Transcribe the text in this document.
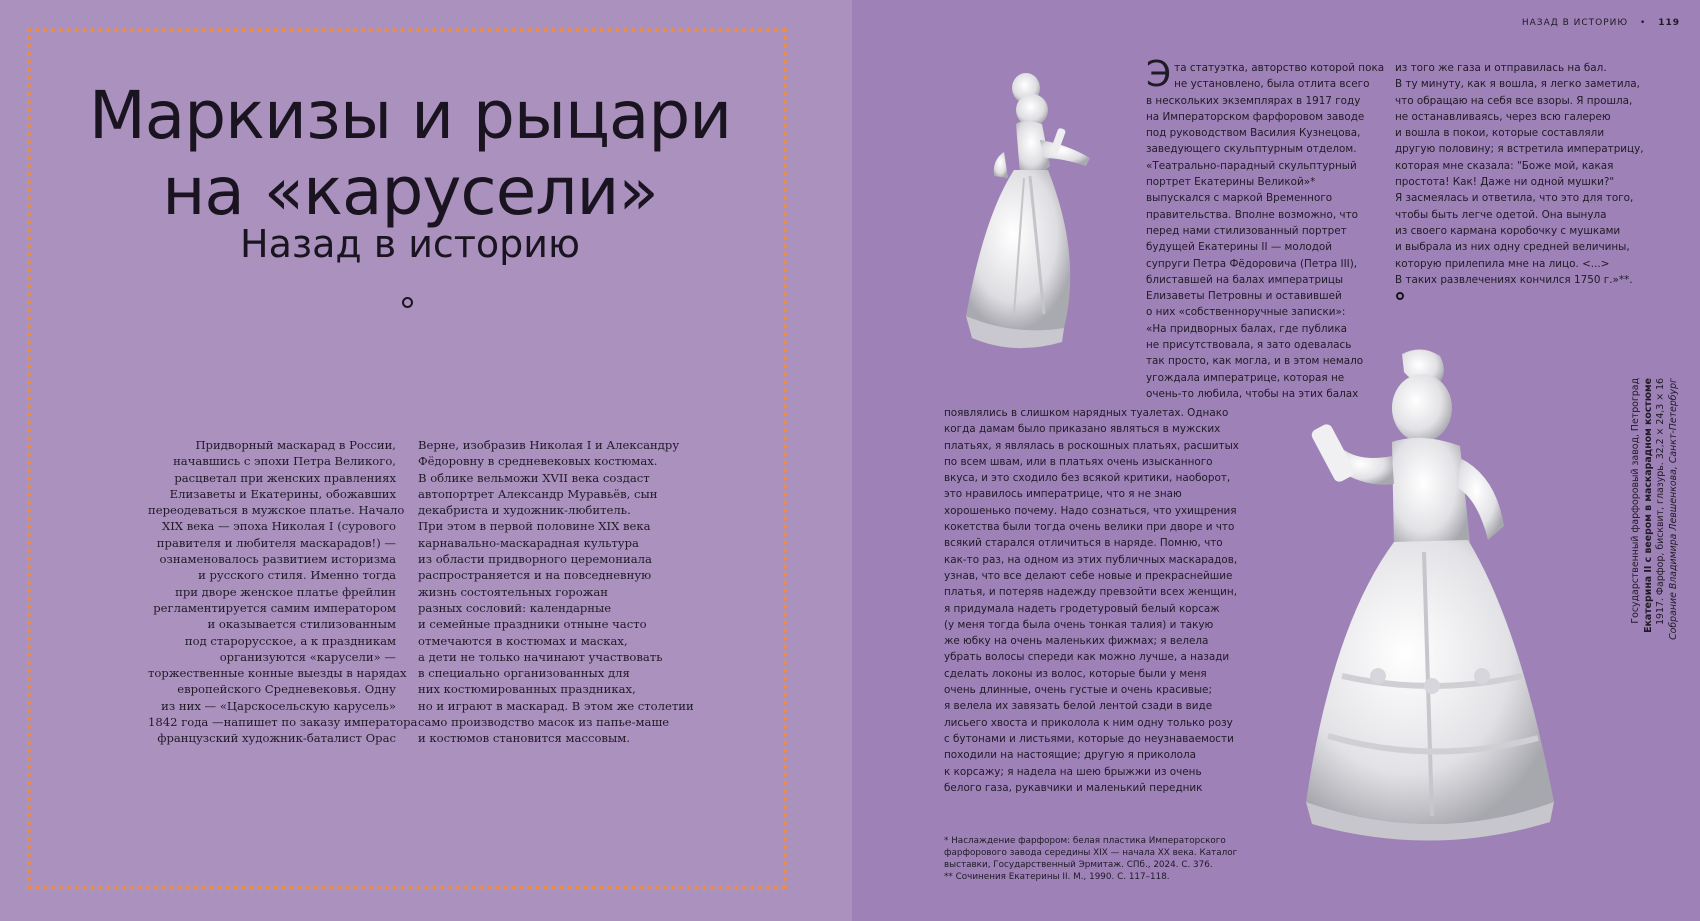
Маркизы и рыцари
на «карусели»
Назад в историю
Придворный маскарад в России,
начавшись с эпохи Петра Великого,
расцветал при женских правлениях
Елизаветы и Екатерины, обожавших
переодеваться в мужское платье. Начало
XIX века — эпоха Николая I (сурового
правителя и любителя маскарадов!) —
ознаменовалось развитием историзма
и русского стиля. Именно тогда
при дворе женское платье фрейлин
регламентируется самим императором
и оказывается стилизованным
под старорусское, а к праздникам
организуются «карусели» —
торжественные конные выезды в нарядах
европейского Средневековья. Одну
из них — «Царскосельскую карусель»
1842 года —напишет по заказу императора
французский художник-баталист Орас
Верне, изобразив Николая I и Александру
Фёдоровну в средневековых костюмах.
В облике вельможи XVII века создаст
автопортрет Александр Муравьёв, сын
декабриста и художник-любитель.
При этом в первой половине XIX века
карнавально-маскарадная культура
из области придворного церемониала
распространяется и на повседневную
жизнь состоятельных горожан
разных сословий: календарные
и семейные праздники отныне часто
отмечаются в костюмах и масках,
а дети не только начинают участвовать
в специально организованных для
них костюмированных праздниках,
но и играют в маскарад. В этом же столетии
само производство масок из папье-маше
и костюмов становится массовым.
НАЗАД В ИСТОРИЮ • 119
Э та статуэтка, авторство которой пока
не установлено, была отлита всего
в нескольких экземплярах в 1917 году
на Императорском фарфоровом заводе
под руководством Василия Кузнецова,
заведующего скульптурным отделом.
«Театрально-парадный скульптурный
портрет Екатерины Великой»*
выпускался с маркой Временного
правительства. Вполне возможно, что
перед нами стилизованный портрет
будущей Екатерины II — молодой
супруги Петра Фёдоровича (Петра III),
блиставшей на балах императрицы
Елизаветы Петровны и оставившей
о них «собственноручные записки»:
«На придворных балах, где публика
не присутствовала, я зато одевалась
так просто, как могла, и в этом немало
угождала императрице, которая не
очень-то любила, чтобы на этих балах
появлялись в слишком нарядных туалетах. Однако
когда дамам было приказано являться в мужских
платьях, я являлась в роскошных платьях, расшитых
по всем швам, или в платьях очень изысканного
вкуса, и это сходило без всякой критики, наоборот,
это нравилось императрице, что я не знаю
хорошенько почему. Надо сознаться, что ухищрения
кокетства были тогда очень велики при дворе и что
всякий старался отличиться в наряде. Помню, что
как-то раз, на одном из этих публичных маскарадов,
узнав, что все делают себе новые и прекраснейшие
платья, и потеряв надежду превзойти всех женщин,
я придумала надеть гродетуровый белый корсаж
(у меня тогда была очень тонкая талия) и такую
же юбку на очень маленьких фижмах; я велела
убрать волосы спереди как можно лучше, а назади
сделать локоны из волос, которые были у меня
очень длинные, очень густые и очень красивые;
я велела их завязать белой лентой сзади в виде
лисьего хвоста и приколола к ним одну только розу
с бутонами и листьями, которые до неузнаваемости
походили на настоящие; другую я приколола
к корсажу; я надела на шею брыжжи из очень
белого газа, рукавчики и маленький передник
из того же газа и отправилась на бал.
В ту минуту, как я вошла, я легко заметила,
что обращаю на себя все взоры. Я прошла,
не останавливаясь, через всю галерею
и вошла в покои, которые составляли
другую половину; я встретила императрицу,
которая мне сказала: "Боже мой, какая
простота! Как! Даже ни одной мушки?"
Я засмеялась и ответила, что это для того,
чтобы быть легче одетой. Она вынула
из своего кармана коробочку с мушками
и выбрала из них одну средней величины,
которую прилепила мне на лицо. <...>
В таких развлечениях кончился 1750 г.»**.
Государственный фарфоровый завод, Петроград Екатерина II с веером в маскарадном костюме 1917. Фарфор, бисквит, глазурь. 32,2 × 24,3 × 16 Собрание Владимира Левшенкова, Санкт-Петербург
* Наслаждение фарфором: белая пластика Императорского
фарфорового завода середины XIX — начала XX века. Каталог
выставки, Государственный Эрмитаж. СПб., 2024. С. 376.
** Сочинения Екатерины II. М., 1990. С. 117–118.
